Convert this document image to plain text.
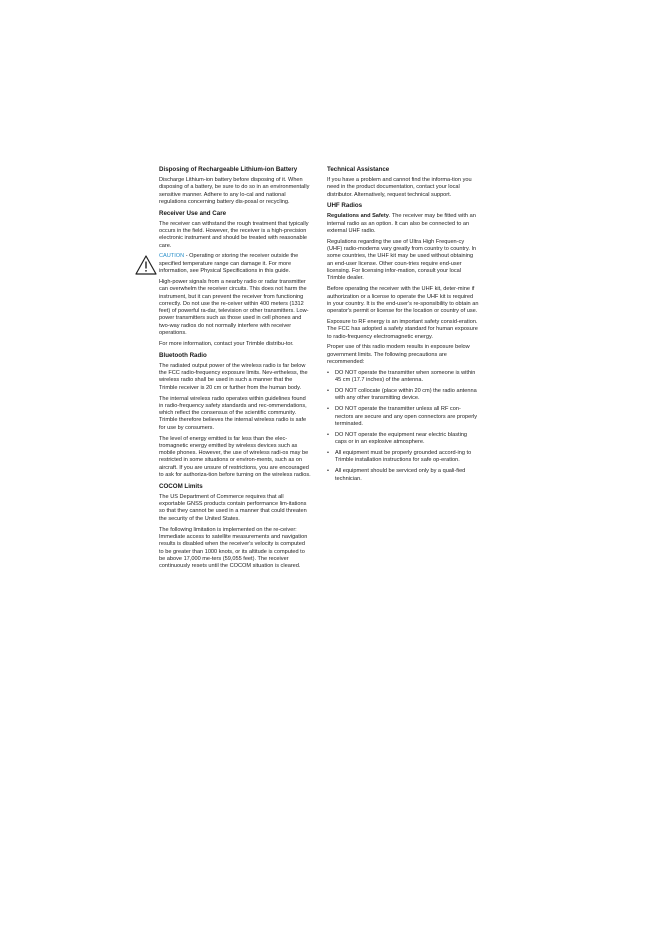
Disposing of Rechargeable Lithium-ion Battery

Discharge Lithium-ion battery before disposing of it. When disposing of a battery, be sure to do so in an environmentally sensitive manner. Adhere to any lo-cal and national regulations concerning battery dis-posal or recycling.

Receiver Use and Care

The receiver can withstand the rough treatment that typically occurs in the field. However, the receiver is a high-precision electronic instrument and should be treated with reasonable care.

CAUTION - Operating or storing the receiver outside the specified temperature range can damage it. For more information, see Physical Specifications in this guide.

High-power signals from a nearby radio or radar transmitter can overwhelm the receiver circuits. This does not harm the instrument, but it can prevent the receiver from functioning correctly. Do not use the re-ceiver within 400 meters (1312 feet) of powerful ra-dar, television or other transmitters. Low-power transmitters such as those used in cell phones and two-way radios do not normally interfere with receiver operations.

For more information, contact your Trimble distribu-tor.

Bluetooth Radio

The radiated output power of the wireless radio is far below the FCC radio-frequency exposure limits. Nev-ertheless, the wireless radio shall be used in such a manner that the Trimble receiver is 20 cm or further from the human body.

The internal wireless radio operates within guidelines found in radio-frequency safety standards and rec-ommendations, which reflect the consensus of the scientific community. Trimble therefore believes the internal wireless radio is safe for use by consumers.

The level of energy emitted is far less than the elec-tromagnetic energy emitted by wireless devices such as mobile phones. However, the use of wireless radi-os may be restricted in some situations or environ-ments, such as on aircraft. If you are unsure of restrictions, you are encouraged to ask for authoriza-tion before turning on the wireless radios.

COCOM Limits

The US Department of Commerce requires that all exportable GNSS products contain performance lim-itations so that they cannot be used in a manner that could threaten the security of the United States.

The following limitation is implemented on the re-ceiver: Immediate access to satellite measurements and navigation results is disabled when the receiver's velocity is computed to be greater than 1000 knots, or its altitude is computed to be above 17,000 me-ters (59,055 feet). The receiver continuously resets until the COCOM situation is cleared.

Technical Assistance

If you have a problem and cannot find the informa-tion you need in the product documentation, contact your local distributor. Alternatively, request technical support.

UHF Radios

Regulations and Safety. The receiver may be fitted with an internal radio as an option. It can also be connected to an external UHF radio.

Regulations regarding the use of Ultra High Frequen-cy (UHF) radio-modems vary greatly from country to country. In some countries, the UHF kit may be used without obtaining an end-user license. Other coun-tries require end-user licensing. For licensing infor-mation, consult your local Trimble dealer.

Before operating the receiver with the UHF kit, deter-mine if authorization or a license to operate the UHF kit is required in your country. It is the end-user's re-sponsibility to obtain an operator's permit or license for the location or country of use.

Exposure to RF energy is an important safety consid-eration. The FCC has adopted a safety standard for human exposure to radio-frequency electromagnetic energy.

Proper use of this radio modem results in exposure below government limits. The following precautions are recommended:

• DO NOT operate the transmitter when someone is within 45 cm (17.7 inches) of the antenna.
• DO NOT collocate (place within 20 cm) the radio antenna with any other transmitting device.
• DO NOT operate the transmitter unless all RF con-nectors are secure and any open connectors are properly terminated.
• DO NOT operate the equipment near electric blasting caps or in an explosive atmosphere.
• All equipment must be properly grounded accord-ing to Trimble installation instructions for safe op-eration.
• All equipment should be serviced only by a quali-fied technician.
